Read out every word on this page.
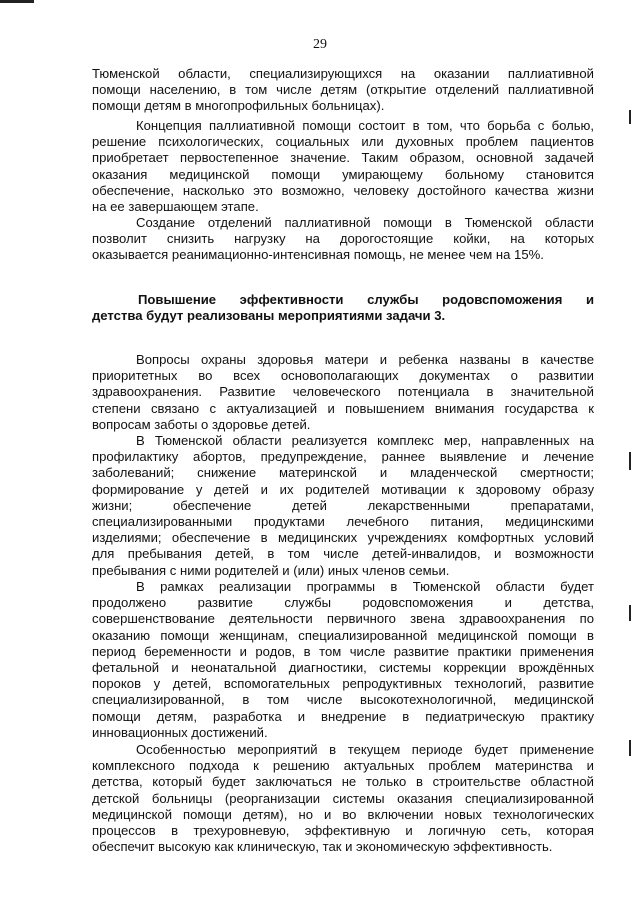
29
Тюменской области, специализирующихся на оказании паллиативной
помощи населению, в том числе детям (открытие отделений паллиативной
помощи детям в многопрофильных больницах).
Концепция паллиативной помощи состоит в том, что борьба с болью,
решение психологических, социальных или духовных проблем пациентов
приобретает первостепенное значение. Таким образом, основной задачей
оказания медицинской помощи умирающему больному становится
обеспечение, насколько это возможно, человеку достойного качества жизни
на ее завершающем этапе.
Создание отделений паллиативной помощи в Тюменской области
позволит снизить нагрузку на дорогостоящие койки, на которых
оказывается реанимационно-интенсивная помощь, не менее чем на 15%.
Повышение эффективности службы родовспоможения и
детства будут реализованы мероприятиями задачи 3.
Вопросы охраны здоровья матери и ребенка названы в качестве
приоритетных во всех основополагающих документах о развитии
здравоохранения. Развитие человеческого потенциала в значительной
степени связано с актуализацией и повышением внимания государства к
вопросам заботы о здоровье детей.
В Тюменской области реализуется комплекс мер, направленных на
профилактику абортов, предупреждение, раннее выявление и лечение
заболеваний; снижение материнской и младенческой смертности;
формирование у детей и их родителей мотивации к здоровому образу
жизни; обеспечение детей лекарственными препаратами,
специализированными продуктами лечебного питания, медицинскими
изделиями; обеспечение в медицинских учреждениях комфортных условий
для пребывания детей, в том числе детей-инвалидов, и возможности
пребывания с ними родителей и (или) иных членов семьи.
В рамках реализации программы в Тюменской области будет
продолжено развитие службы родовспоможения и детства,
совершенствование деятельности первичного звена здравоохранения по
оказанию помощи женщинам, специализированной медицинской помощи в
период беременности и родов, в том числе развитие практики применения
фетальной и неонатальной диагностики, системы коррекции врождённых
пороков у детей, вспомогательных репродуктивных технологий, развитие
специализированной, в том числе высокотехнологичной, медицинской
помощи детям, разработка и внедрение в педиатрическую практику
инновационных достижений.
Особенностью мероприятий в текущем периоде будет применение
комплексного подхода к решению актуальных проблем материнства и
детства, который будет заключаться не только в строительстве областной
детской больницы (реорганизации системы оказания специализированной
медицинской помощи детям), но и во включении новых технологических
процессов в трехуровневую, эффективную и логичную сеть, которая
обеспечит высокую как клиническую, так и экономическую эффективность.
